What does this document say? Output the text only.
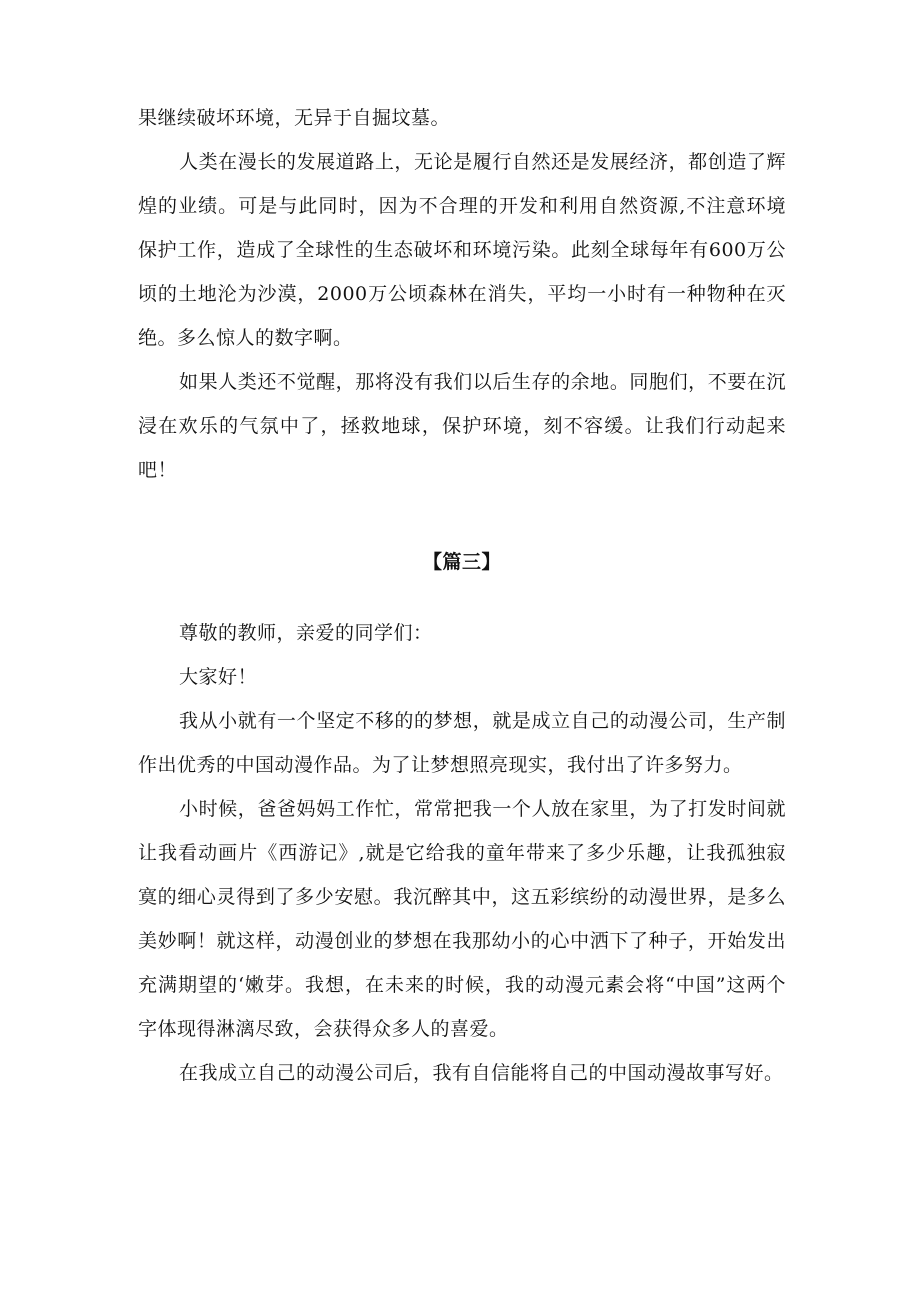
果继续破坏环境，无异于自掘坟墓。

人类在漫长的发展道路上，无论是履行自然还是发展经济，都创造了辉煌的业绩。可是与此同时，因为不合理的开发和利用自然资源,不注意环境保护工作，造成了全球性的生态破坏和环境污染。此刻全球每年有600万公顷的土地沦为沙漠，2000万公顷森林在消失，平均一小时有一种物种在灭绝。多么惊人的数字啊。

如果人类还不觉醒，那将没有我们以后生存的余地。同胞们，不要在沉浸在欢乐的气氛中了，拯救地球，保护环境，刻不容缓。让我们行动起来吧！

【篇三】

尊敬的教师，亲爱的同学们：

大家好！

我从小就有一个坚定不移的的梦想，就是成立自己的动漫公司，生产制作出优秀的中国动漫作品。为了让梦想照亮现实，我付出了许多努力。

小时候，爸爸妈妈工作忙，常常把我一个人放在家里，为了打发时间就让我看动画片《西游记》,就是它给我的童年带来了多少乐趣，让我孤独寂寞的细心灵得到了多少安慰。我沉醉其中，这五彩缤纷的动漫世界，是多么美妙啊！就这样，动漫创业的梦想在我那幼小的心中洒下了种子，开始发出充满期望的‘嫩芽。我想，在未来的时候，我的动漫元素会将“中国”这两个字体现得淋漓尽致，会获得众多人的喜爱。

在我成立自己的动漫公司后，我有自信能将自己的中国动漫故事写好。
